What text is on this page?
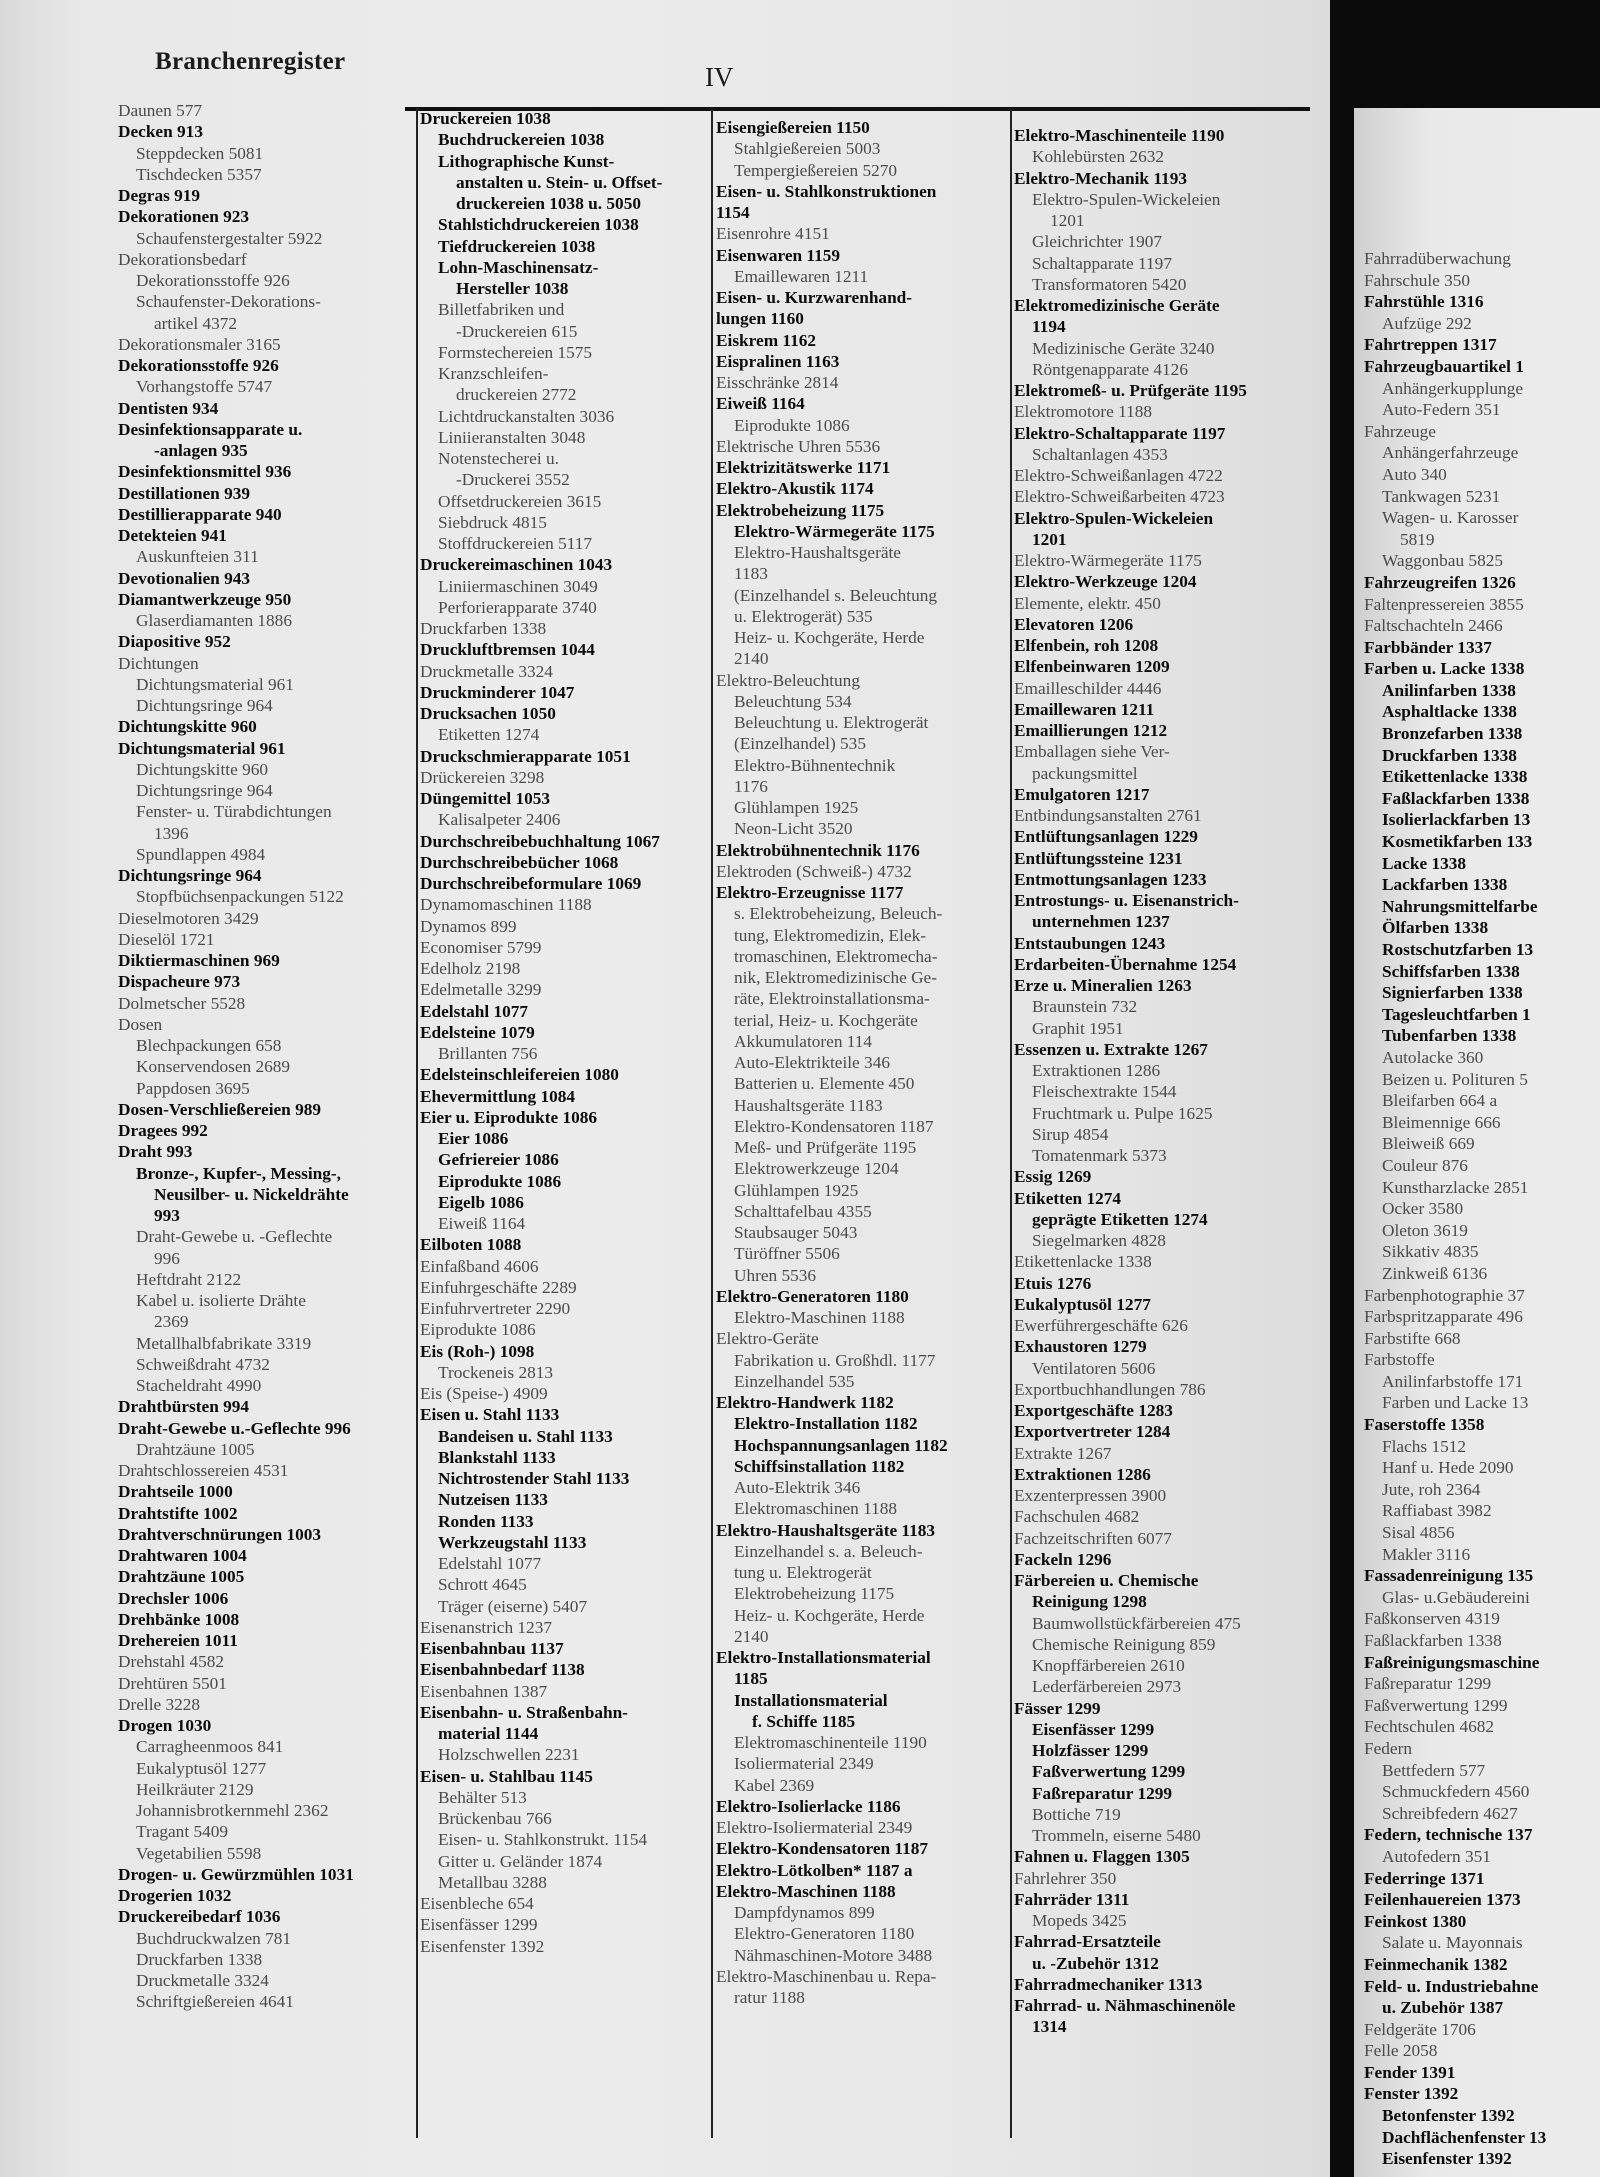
Branchenregister
IV
Daunen 577
Decken 913
Steppdecken 5081
Tischdecken 5357
Degras 919
Dekorationen 923
Schaufenstergestalter 5922
Dekorationsbedarf
Dekorationsstoffe 926
Schaufenster-Dekorations-
artikel 4372
Dekorationsmaler 3165
Dekorationsstoffe 926
Vorhangstoffe 5747
Dentisten 934
Desinfektionsapparate u.
-anlagen 935
Desinfektionsmittel 936
Destillationen 939
Destillierapparate 940
Detekteien 941
Auskunfteien 311
Devotionalien 943
Diamantwerkzeuge 950
Glaserdiamanten 1886
Diapositive 952
Dichtungen
Dichtungsmaterial 961
Dichtungsringe 964
Dichtungskitte 960
Dichtungsmaterial 961
Dichtungskitte 960
Dichtungsringe 964
Fenster- u. Türabdichtungen
1396
Spundlappen 4984
Dichtungsringe 964
Stopfbüchsenpackungen 5122
Dieselmotoren 3429
Dieselöl 1721
Diktiermaschinen 969
Dispacheure 973
Dolmetscher 5528
Dosen
Blechpackungen 658
Konservendosen 2689
Pappdosen 3695
Dosen-Verschließereien 989
Dragees 992
Draht 993
Bronze-, Kupfer-, Messing-,
Neusilber- u. Nickeldrähte
993
Draht-Gewebe u. -Geflechte
996
Heftdraht 2122
Kabel u. isolierte Drähte
2369
Metallhalbfabrikate 3319
Schweißdraht 4732
Stacheldraht 4990
Drahtbürsten 994
Draht-Gewebe u.-Geflechte 996
Drahtzäune 1005
Drahtschlossereien 4531
Drahtseile 1000
Drahtstifte 1002
Drahtverschnürungen 1003
Drahtwaren 1004
Drahtzäune 1005
Drechsler 1006
Drehbänke 1008
Drehereien 1011
Drehstahl 4582
Drehtüren 5501
Drelle 3228
Drogen 1030
Carragheenmoos 841
Eukalyptusöl 1277
Heilkräuter 2129
Johannisbrotkernmehl 2362
Tragant 5409
Vegetabilien 5598
Drogen- u. Gewürzmühlen 1031
Drogerien 1032
Druckereibedarf 1036
Buchdruckwalzen 781
Druckfarben 1338
Druckmetalle 3324
Schriftgießereien 4641
Druckereien 1038
Buchdruckereien 1038
Lithographische Kunst-
anstalten u. Stein- u. Offset-
druckereien 1038 u. 5050
Stahlstichdruckereien 1038
Tiefdruckereien 1038
Lohn-Maschinensatz-
Hersteller 1038
Billetfabriken und
-Druckereien 615
Formstechereien 1575
Kranzschleifen-
druckereien 2772
Lichtdruckanstalten 3036
Liniieranstalten 3048
Notenstecherei u.
-Druckerei 3552
Offsetdruckereien 3615
Siebdruck 4815
Stoffdruckereien 5117
Druckereimaschinen 1043
Liniiermaschinen 3049
Perforierapparate 3740
Druckfarben 1338
Druckluftbremsen 1044
Druckmetalle 3324
Druckminderer 1047
Drucksachen 1050
Etiketten 1274
Druckschmierapparate 1051
Drückereien 3298
Düngemittel 1053
Kalisalpeter 2406
Durchschreibebuchhaltung 1067
Durchschreibebücher 1068
Durchschreibeformulare 1069
Dynamomaschinen 1188
Dynamos 899
Economiser 5799
Edelholz 2198
Edelmetalle 3299
Edelstahl 1077
Edelsteine 1079
Brillanten 756
Edelsteinschleifereien 1080
Ehevermittlung 1084
Eier u. Eiprodukte 1086
Eier 1086
Gefriereier 1086
Eiprodukte 1086
Eigelb 1086
Eiweiß 1164
Eilboten 1088
Einfaßband 4606
Einfuhrgeschäfte 2289
Einfuhrvertreter 2290
Eiprodukte 1086
Eis (Roh-) 1098
Trockeneis 2813
Eis (Speise-) 4909
Eisen u. Stahl 1133
Bandeisen u. Stahl 1133
Blankstahl 1133
Nichtrostender Stahl 1133
Nutzeisen 1133
Ronden 1133
Werkzeugstahl 1133
Edelstahl 1077
Schrott 4645
Träger (eiserne) 5407
Eisenanstrich 1237
Eisenbahnbau 1137
Eisenbahnbedarf 1138
Eisenbahnen 1387
Eisenbahn- u. Straßenbahn-
material 1144
Holzschwellen 2231
Eisen- u. Stahlbau 1145
Behälter 513
Brückenbau 766
Eisen- u. Stahlkonstrukt. 1154
Gitter u. Geländer 1874
Metallbau 3288
Eisenbleche 654
Eisenfässer 1299
Eisenfenster 1392
Eisengießereien 1150
Stahlgießereien 5003
Tempergießereien 5270
Eisen- u. Stahlkonstruktionen
1154
Eisenrohre 4151
Eisenwaren 1159
Emaillewaren 1211
Eisen- u. Kurzwarenhand-
lungen 1160
Eiskrem 1162
Eispralinen 1163
Eisschränke 2814
Eiweiß 1164
Eiprodukte 1086
Elektrische Uhren 5536
Elektrizitätswerke 1171
Elektro-Akustik 1174
Elektrobeheizung 1175
Elektro-Wärmegeräte 1175
Elektro-Haushaltsgeräte
1183
(Einzelhandel s. Beleuchtung
u. Elektrogerät) 535
Heiz- u. Kochgeräte, Herde
2140
Elektro-Beleuchtung
Beleuchtung 534
Beleuchtung u. Elektrogerät
(Einzelhandel) 535
Elektro-Bühnentechnik
1176
Glühlampen 1925
Neon-Licht 3520
Elektrobühnentechnik 1176
Elektroden (Schweiß-) 4732
Elektro-Erzeugnisse 1177
s. Elektrobeheizung, Beleuch-
tung, Elektromedizin, Elek-
tromaschinen, Elektromecha-
nik, Elektromedizinische Ge-
räte, Elektroinstallationsma-
terial, Heiz- u. Kochgeräte
Akkumulatoren 114
Auto-Elektrikteile 346
Batterien u. Elemente 450
Haushaltsgeräte 1183
Elektro-Kondensatoren 1187
Meß- und Prüfgeräte 1195
Elektrowerkzeuge 1204
Glühlampen 1925
Schalttafelbau 4355
Staubsauger 5043
Türöffner 5506
Uhren 5536
Elektro-Generatoren 1180
Elektro-Maschinen 1188
Elektro-Geräte
Fabrikation u. Großhdl. 1177
Einzelhandel 535
Elektro-Handwerk 1182
Elektro-Installation 1182
Hochspannungsanlagen 1182
Schiffsinstallation 1182
Auto-Elektrik 346
Elektromaschinen 1188
Elektro-Haushaltsgeräte 1183
Einzelhandel s. a. Beleuch-
tung u. Elektrogerät
Elektrobeheizung 1175
Heiz- u. Kochgeräte, Herde
2140
Elektro-Installationsmaterial
1185
Installationsmaterial
f. Schiffe 1185
Elektromaschinenteile 1190
Isoliermaterial 2349
Kabel 2369
Elektro-Isolierlacke 1186
Elektro-Isoliermaterial 2349
Elektro-Kondensatoren 1187
Elektro-Lötkolben* 1187 a
Elektro-Maschinen 1188
Dampfdynamos 899
Elektro-Generatoren 1180
Nähmaschinen-Motore 3488
Elektro-Maschinenbau u. Repa-
ratur 1188
Elektro-Maschinenteile 1190
Kohlebürsten 2632
Elektro-Mechanik 1193
Elektro-Spulen-Wickeleien
1201
Gleichrichter 1907
Schaltapparate 1197
Transformatoren 5420
Elektromedizinische Geräte
1194
Medizinische Geräte 3240
Röntgenapparate 4126
Elektromeß- u. Prüfgeräte 1195
Elektromotore 1188
Elektro-Schaltapparate 1197
Schaltanlagen 4353
Elektro-Schweißanlagen 4722
Elektro-Schweißarbeiten 4723
Elektro-Spulen-Wickeleien
1201
Elektro-Wärmegeräte 1175
Elektro-Werkzeuge 1204
Elemente, elektr. 450
Elevatoren 1206
Elfenbein, roh 1208
Elfenbeinwaren 1209
Emailleschilder 4446
Emaillewaren 1211
Emaillierungen 1212
Emballagen siehe Ver-
packungsmittel
Emulgatoren 1217
Entbindungsanstalten 2761
Entlüftungsanlagen 1229
Entlüftungssteine 1231
Entmottungsanlagen 1233
Entrostungs- u. Eisenanstrich-
unternehmen 1237
Entstaubungen 1243
Erdarbeiten-Übernahme 1254
Erze u. Mineralien 1263
Braunstein 732
Graphit 1951
Essenzen u. Extrakte 1267
Extraktionen 1286
Fleischextrakte 1544
Fruchtmark u. Pulpe 1625
Sirup 4854
Tomatenmark 5373
Essig 1269
Etiketten 1274
geprägte Etiketten 1274
Siegelmarken 4828
Etikettenlacke 1338
Etuis 1276
Eukalyptusöl 1277
Ewerführergeschäfte 626
Exhaustoren 1279
Ventilatoren 5606
Exportbuchhandlungen 786
Exportgeschäfte 1283
Exportvertreter 1284
Extrakte 1267
Extraktionen 1286
Exzenterpressen 3900
Fachschulen 4682
Fachzeitschriften 6077
Fackeln 1296
Färbereien u. Chemische
Reinigung 1298
Baumwollstückfärbereien 475
Chemische Reinigung 859
Knopffärbereien 2610
Lederfärbereien 2973
Fässer 1299
Eisenfässer 1299
Holzfässer 1299
Faßverwertung 1299
Faßreparatur 1299
Bottiche 719
Trommeln, eiserne 5480
Fahnen u. Flaggen 1305
Fahrlehrer 350
Fahrräder 1311
Mopeds 3425
Fahrrad-Ersatzteile
u. -Zubehör 1312
Fahrradmechaniker 1313
Fahrrad- u. Nähmaschinenöle
1314
Fahrradüberwachung
Fahrschule 350
Fahrstühle 1316
Aufzüge 292
Fahrtreppen 1317
Fahrzeugbauartikel 1
Anhängerkupplunge
Auto-Federn 351
Fahrzeuge
Anhängerfahrzeuge
Auto 340
Tankwagen 5231
Wagen- u. Karosser
5819
Waggonbau 5825
Fahrzeugreifen 1326
Faltenpressereien 3855
Faltschachteln 2466
Farbbänder 1337
Farben u. Lacke 1338
Anilinfarben 1338
Asphaltlacke 1338
Bronzefarben 1338
Druckfarben 1338
Etikettenlacke 1338
Faßlackfarben 1338
Isolierlackfarben 13
Kosmetikfarben 133
Lacke 1338
Lackfarben 1338
Nahrungsmittelfarbe
Ölfarben 1338
Rostschutzfarben 13
Schiffsfarben 1338
Signierfarben 1338
Tagesleuchtfarben 1
Tubenfarben 1338
Autolacke 360
Beizen u. Polituren 5
Bleifarben 664 a
Bleimennige 666
Bleiweiß 669
Couleur 876
Kunstharzlacke 2851
Ocker 3580
Oleton 3619
Sikkativ 4835
Zinkweiß 6136
Farbenphotographie 37
Farbspritzapparate 496
Farbstifte 668
Farbstoffe
Anilinfarbstoffe 171
Farben und Lacke 13
Faserstoffe 1358
Flachs 1512
Hanf u. Hede 2090
Jute, roh 2364
Raffiabast 3982
Sisal 4856
Makler 3116
Fassadenreinigung 135
Glas- u.Gebäudereini
Faßkonserven 4319
Faßlackfarben 1338
Faßreinigungsmaschine
Faßreparatur 1299
Faßverwertung 1299
Fechtschulen 4682
Federn
Bettfedern 577
Schmuckfedern 4560
Schreibfedern 4627
Federn, technische 137
Autofedern 351
Federringe 1371
Feilenhauereien 1373
Feinkost 1380
Salate u. Mayonnais
Feinmechanik 1382
Feld- u. Industriebahne
u. Zubehör 1387
Feldgeräte 1706
Felle 2058
Fender 1391
Fenster 1392
Betonfenster 1392
Dachflächenfenster 13
Eisenfenster 1392
